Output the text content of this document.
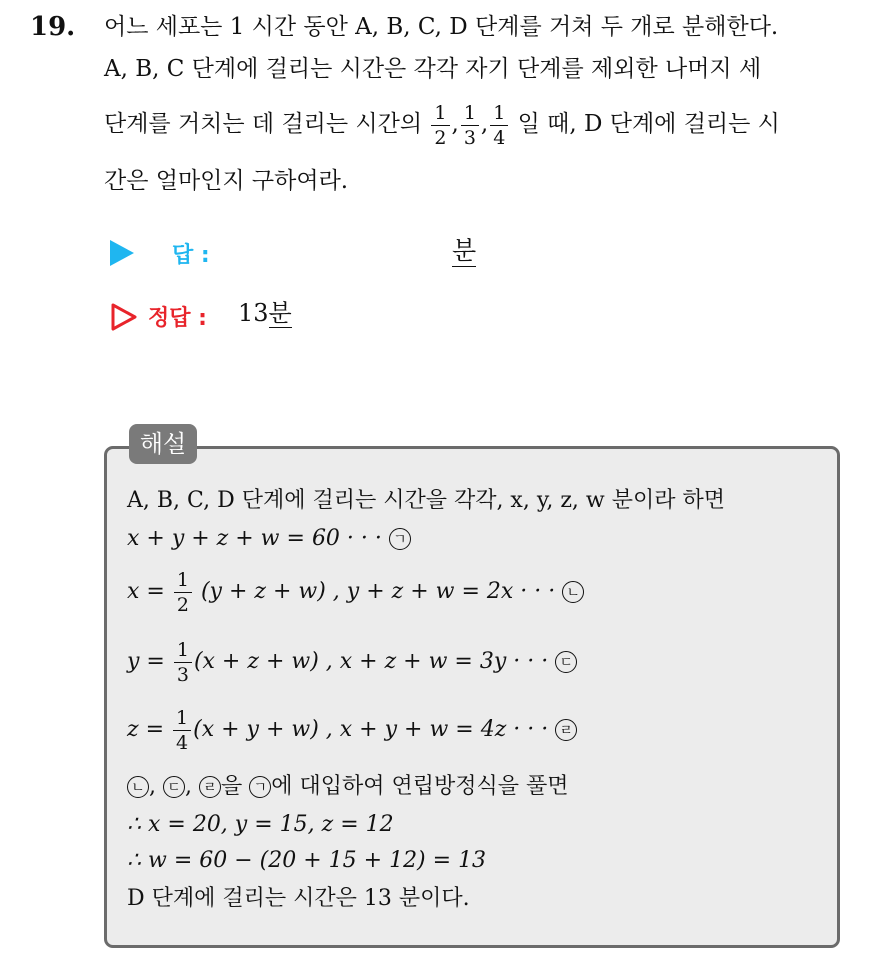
19. 어느 세포는 1 시간 동안 A, B, C, D 단계를 거쳐 두 개로 분해한다.
A, B, C 단계에 걸리는 시간은 각각 자기 단계를 제외한 나머지 세
단계를 거치는 데 걸리는 시간의 $\frac{1}{2}$ , $\frac{1}{3}$ , $\frac{1}{4}$ 일 때, D 단계에 걸리는 시
간은 얼마인지 구하여라.
답 :	분
정답 : 13분
해설
A, B, C, D 단계에 걸리는 시간을 각각, x, y, z, w 분이라 하면
x + y + z + w = 60 · · · ㄱ
$x = \frac{1}{2} (y + z + w)$ , y + z + w = 2x · · · ㄴ
$y = \frac{1}{3} (x + z + w)$ , x + z + w = 3y · · · ㄷ
$z = \frac{1}{4} (x + y + w)$ , x + y + w = 4z · · · ㄹ
ㄴ , ㄷ , ㄹ 을 ㄱ 에 대입하여 연립방정식을 풀면
∴ x = 20, y = 15, z = 12
∴ w = 60 − (20 + 15 + 12) = 13
D 단계에 걸리는 시간은 13 분이다.
